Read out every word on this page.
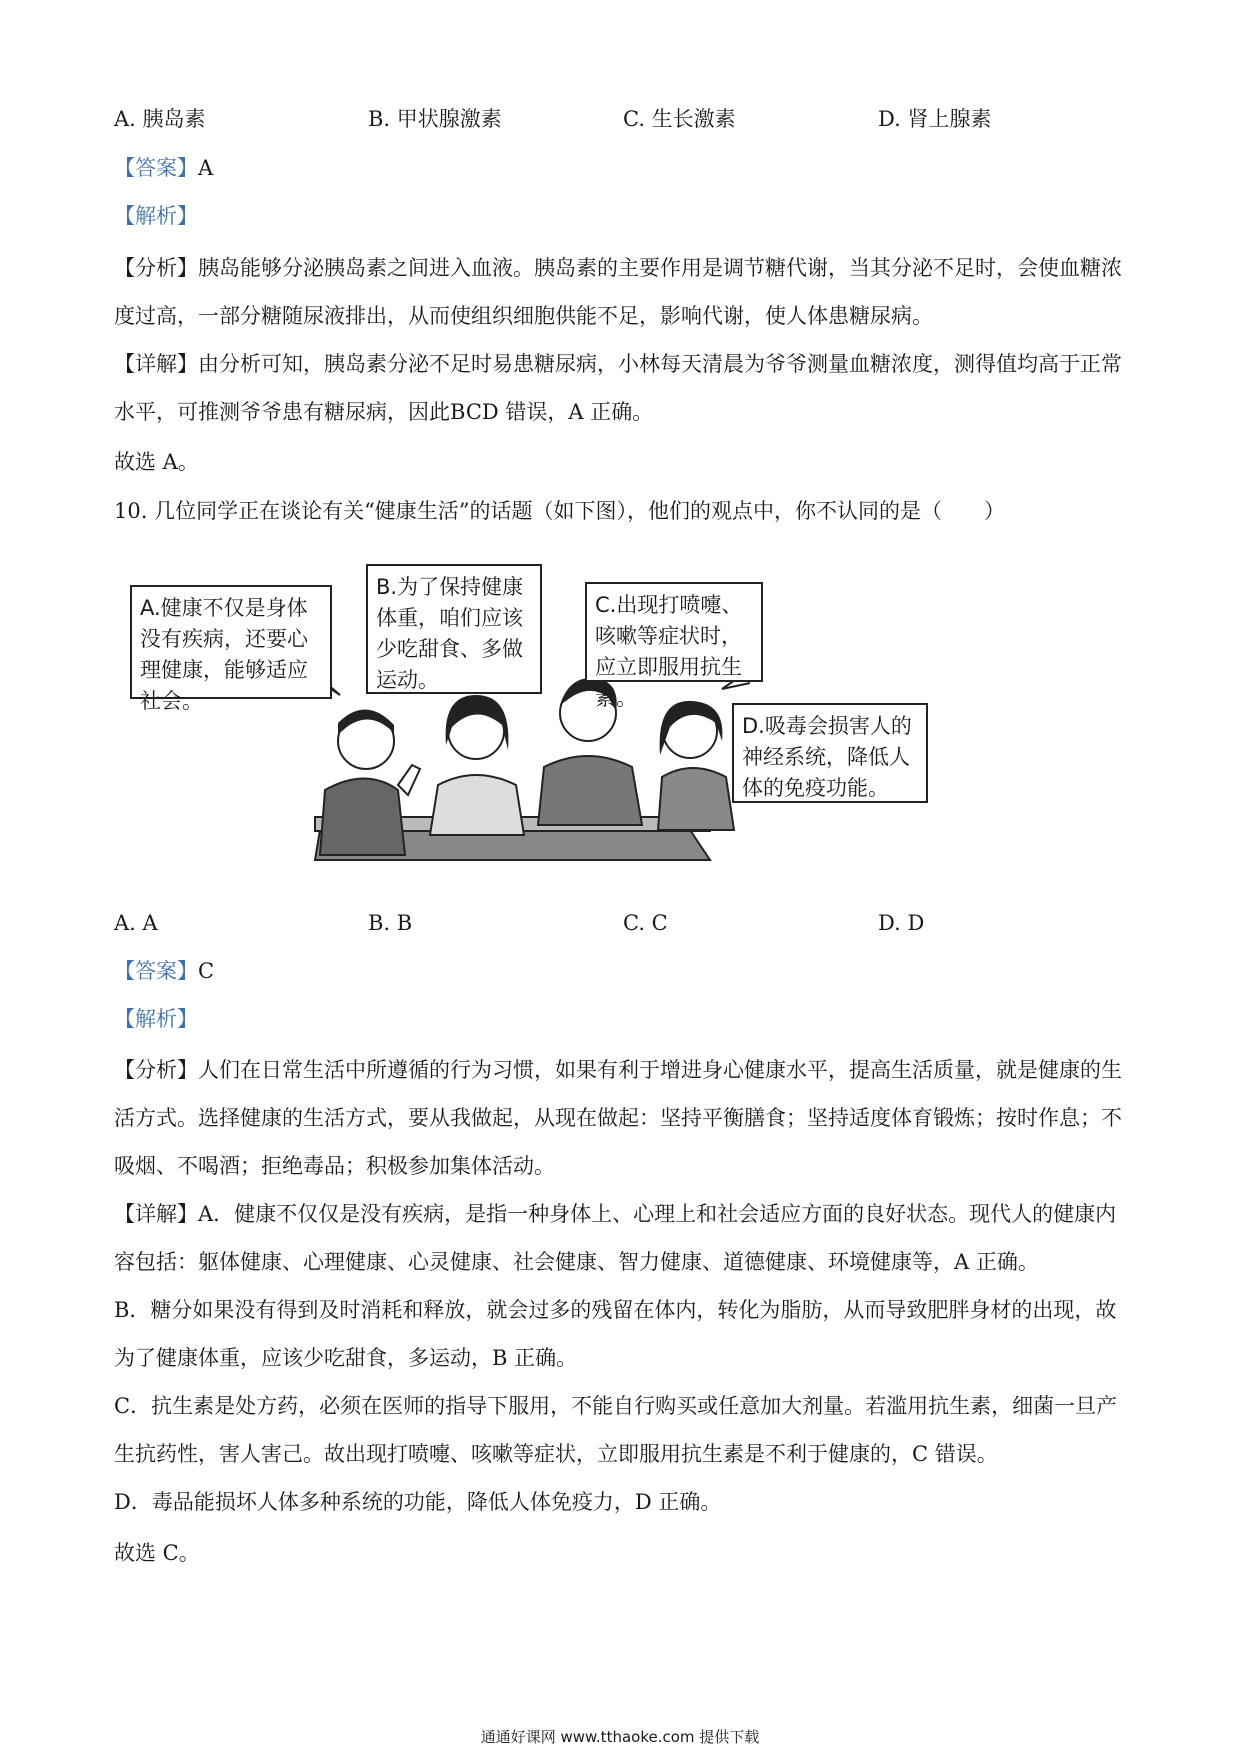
A. 胰岛素	B. 甲状腺激素	C. 生长激素	D. 肾上腺素
【答案】A
【解析】
【分析】胰岛能够分泌胰岛素之间进入血液。胰岛素的主要作用是调节糖代谢，当其分泌不足时，会使血糖浓度过高，一部分糖随尿液排出，从而使组织细胞供能不足，影响代谢，使人体患糖尿病。
【详解】由分析可知，胰岛素分泌不足时易患糖尿病，小林每天清晨为爷爷测量血糖浓度，测得值均高于正常水平，可推测爷爷患有糖尿病，因此BCD 错误，A 正确。
故选 A。
10. 几位同学正在谈论有关“健康生活”的话题（如下图），他们的观点中，你不认同的是（　　）
A.健康不仅是身体没有疾病，还要心理健康，能够适应社会。
B.为了保持健康体重，咱们应该少吃甜食、多做运动。
C.出现打喷嚏、咳嗽等症状时，应立即服用抗生素。
D.吸毒会损害人的神经系统，降低人体的免疫功能。
A. A	B. B	C. C	D. D
【答案】C
【解析】
【分析】人们在日常生活中所遵循的行为习惯，如果有利于增进身心健康水平，提高生活质量，就是健康的生活方式。选择健康的生活方式，要从我做起，从现在做起：坚持平衡膳食；坚持适度体育锻炼；按时作息；不吸烟、不喝酒；拒绝毒品；积极参加集体活动。
【详解】A．健康不仅仅是没有疾病，是指一种身体上、心理上和社会适应方面的良好状态。现代人的健康内容包括：躯体健康、心理健康、心灵健康、社会健康、智力健康、道德健康、环境健康等，A 正确。
B．糖分如果没有得到及时消耗和释放，就会过多的残留在体内，转化为脂肪，从而导致肥胖身材的出现，故为了健康体重，应该少吃甜食，多运动，B 正确。
C．抗生素是处方药，必须在医师的指导下服用，不能自行购买或任意加大剂量。若滥用抗生素，细菌一旦产生抗药性，害人害己。故出现打喷嚏、咳嗽等症状，立即服用抗生素是不利于健康的，C 错误。
D．毒品能损坏人体多种系统的功能，降低人体免疫力，D 正确。
故选 C。
通通好课网 www.tthaoke.com 提供下载
